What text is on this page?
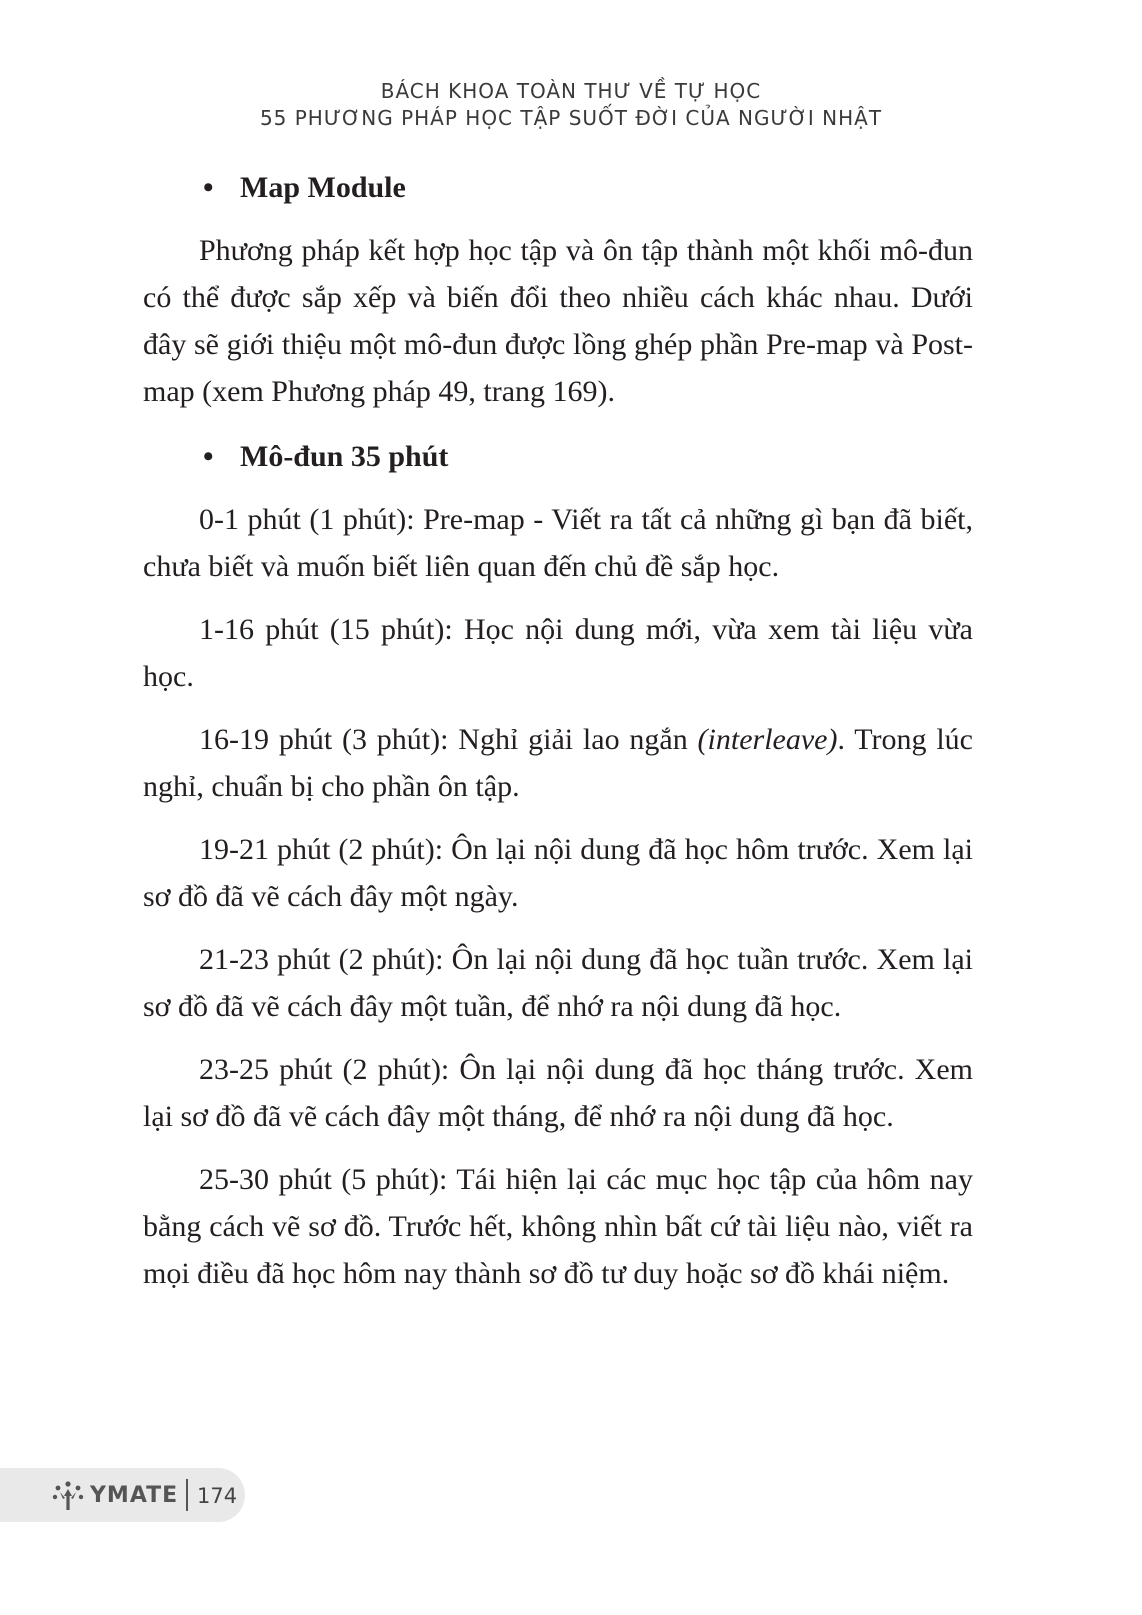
BÁCH KHOA TOÀN THƯ VỀ TỰ HỌC
55 PHƯƠNG PHÁP HỌC TẬP SUỐT ĐỜI CỦA NGƯỜI NHẬT
• Map Module

Phương pháp kết hợp học tập và ôn tập thành một khối mô-đun có thể được sắp xếp và biến đổi theo nhiều cách khác nhau. Dưới đây sẽ giới thiệu một mô-đun được lồng ghép phần Pre-map và Post-map (xem Phương pháp 49, trang 169).

• Mô-đun 35 phút

0-1 phút (1 phút): Pre-map - Viết ra tất cả những gì bạn đã biết, chưa biết và muốn biết liên quan đến chủ đề sắp học.

1-16 phút (15 phút): Học nội dung mới, vừa xem tài liệu vừa học.

16-19 phút (3 phút): Nghỉ giải lao ngắn (interleave). Trong lúc nghỉ, chuẩn bị cho phần ôn tập.

19-21 phút (2 phút): Ôn lại nội dung đã học hôm trước. Xem lại sơ đồ đã vẽ cách đây một ngày.

21-23 phút (2 phút): Ôn lại nội dung đã học tuần trước. Xem lại sơ đồ đã vẽ cách đây một tuần, để nhớ ra nội dung đã học.

23-25 phút (2 phút): Ôn lại nội dung đã học tháng trước. Xem lại sơ đồ đã vẽ cách đây một tháng, để nhớ ra nội dung đã học.

25-30 phút (5 phút): Tái hiện lại các mục học tập của hôm nay bằng cách vẽ sơ đồ. Trước hết, không nhìn bất cứ tài liệu nào, viết ra mọi điều đã học hôm nay thành sơ đồ tư duy hoặc sơ đồ khái niệm.

YMATE 174
